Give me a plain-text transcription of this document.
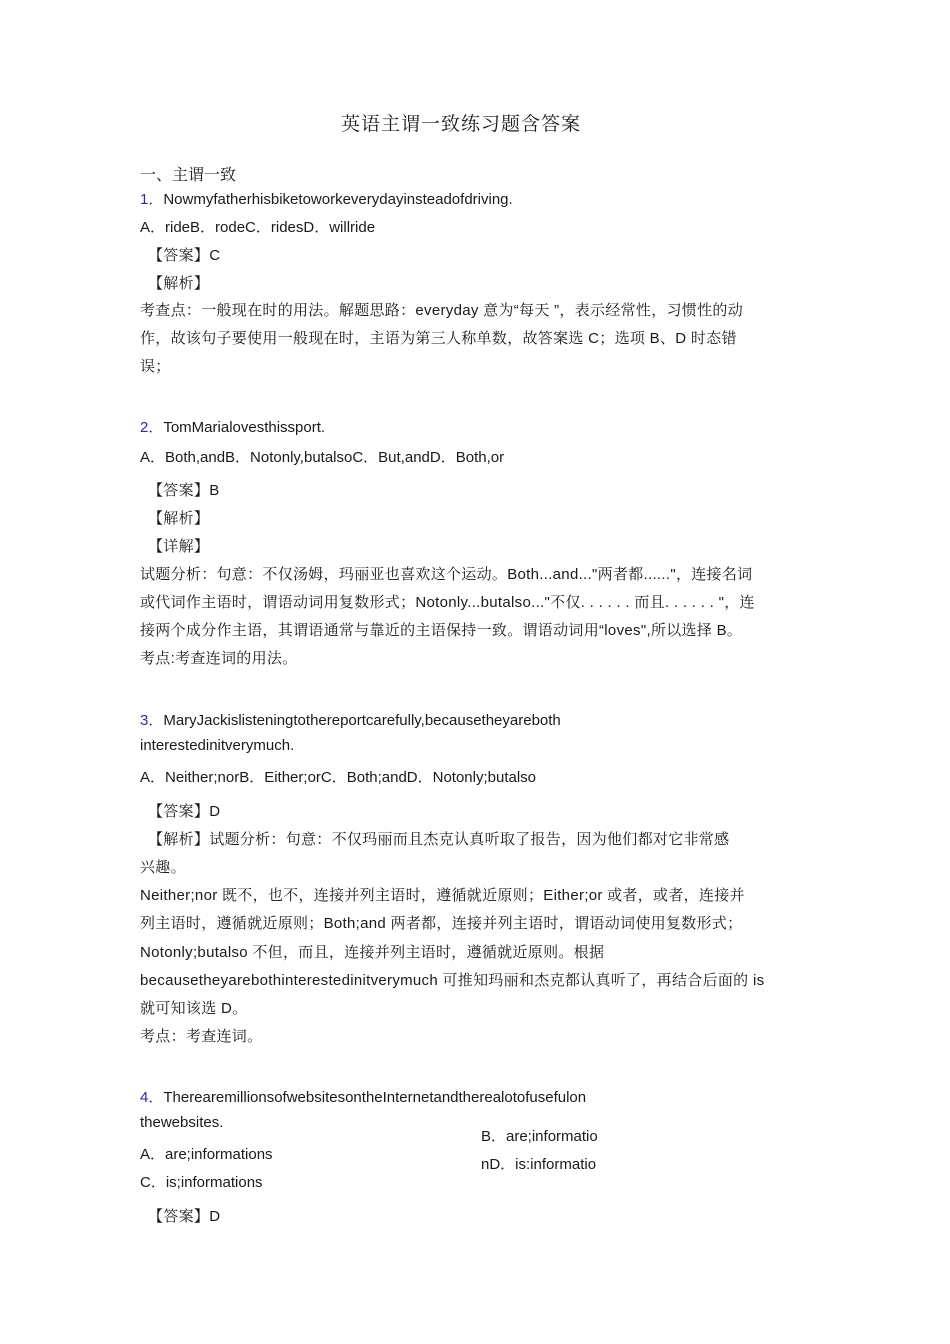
英语主谓一致练习题含答案
一、主谓一致
1．Nowmyfatherhisbiketoworkeverydayinsteadofdriving.
A．rideB．rodeC．ridesD．willride
【答案】C
【解析】
考查点：一般现在时的用法。解题思路：everyday 意为“每天 ”，表示经常性，习惯性的动
作，故该句子要使用一般现在时，主语为第三人称单数，故答案选 C；选项 B、D 时态错
误；
2．TomMarialovesthissport.
A．Both,andB．Notonly,butalsoC．But,andD．Both,or
【答案】B
【解析】
【详解】
试题分析：句意：不仅汤姆，玛丽亚也喜欢这个运动。Both...and..."两者都......"，连接名词
或代词作主语时，谓语动词用复数形式；Notonly...butalso..."不仅. . . . . . 而且. . . . . . "，连
接两个成分作主语，其谓语通常与靠近的主语保持一致。谓语动词用“loves",所以选择 B。
考点:考查连词的用法。
3．MaryJackislisteningtothereportcarefully,becausetheyareboth
interestedinitverymuch.
A．Neither;norB．Either;orC．Both;andD．Notonly;butalso
【答案】D
【解析】试题分析：句意：不仅玛丽而且杰克认真听取了报告，因为他们都对它非常感
兴趣。
Neither;nor 既不，也不，连接并列主语时，遵循就近原则；Either;or 或者，或者，连接并
列主语时，遵循就近原则；Both;and 两者都，连接并列主语时，谓语动词使用复数形式；
Notonly;butalso 不但，而且，连接并列主语时，遵循就近原则。根据
becausetheyarebothinterestedinitverymuch 可推知玛丽和杰克都认真听了，再结合后面的 is
就可知该选 D。
考点：考查连词。
4．TherearemillionsofwebsitesontheInternetandtherealotofusefulon
thewebsites.
A．are;informations
B．are;informatio
C．is;informations
nD．is:informatio
【答案】D
